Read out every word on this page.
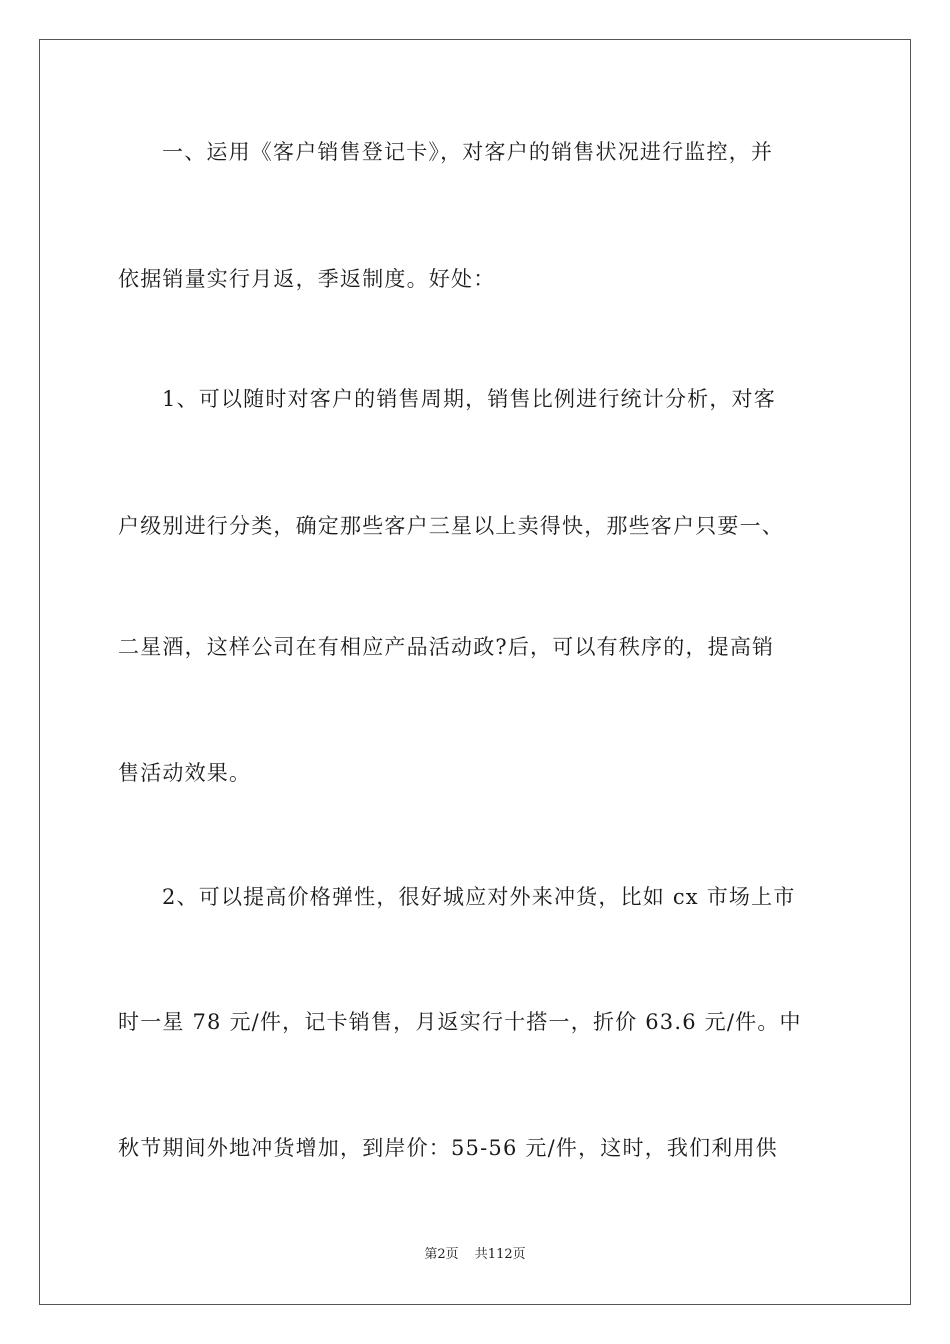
一、运用《客户销售登记卡》，对客户的销售状况进行监控，并
依据销量实行月返，季返制度。好处：
1、可以随时对客户的销售周期，销售比例进行统计分析，对客
户级别进行分类，确定那些客户三星以上卖得快，那些客户只要一、
二星酒，这样公司在有相应产品活动政?后，可以有秩序的，提高销
售活动效果。
2、可以提高价格弹性，很好城应对外来冲货，比如 cx 市场上市
时一星 78 元/件，记卡销售，月返实行十搭一，折价 63.6 元/件。中
秋节期间外地冲货增加，到岸价：55-56 元/件，这时，我们利用供
第2页 共112页
